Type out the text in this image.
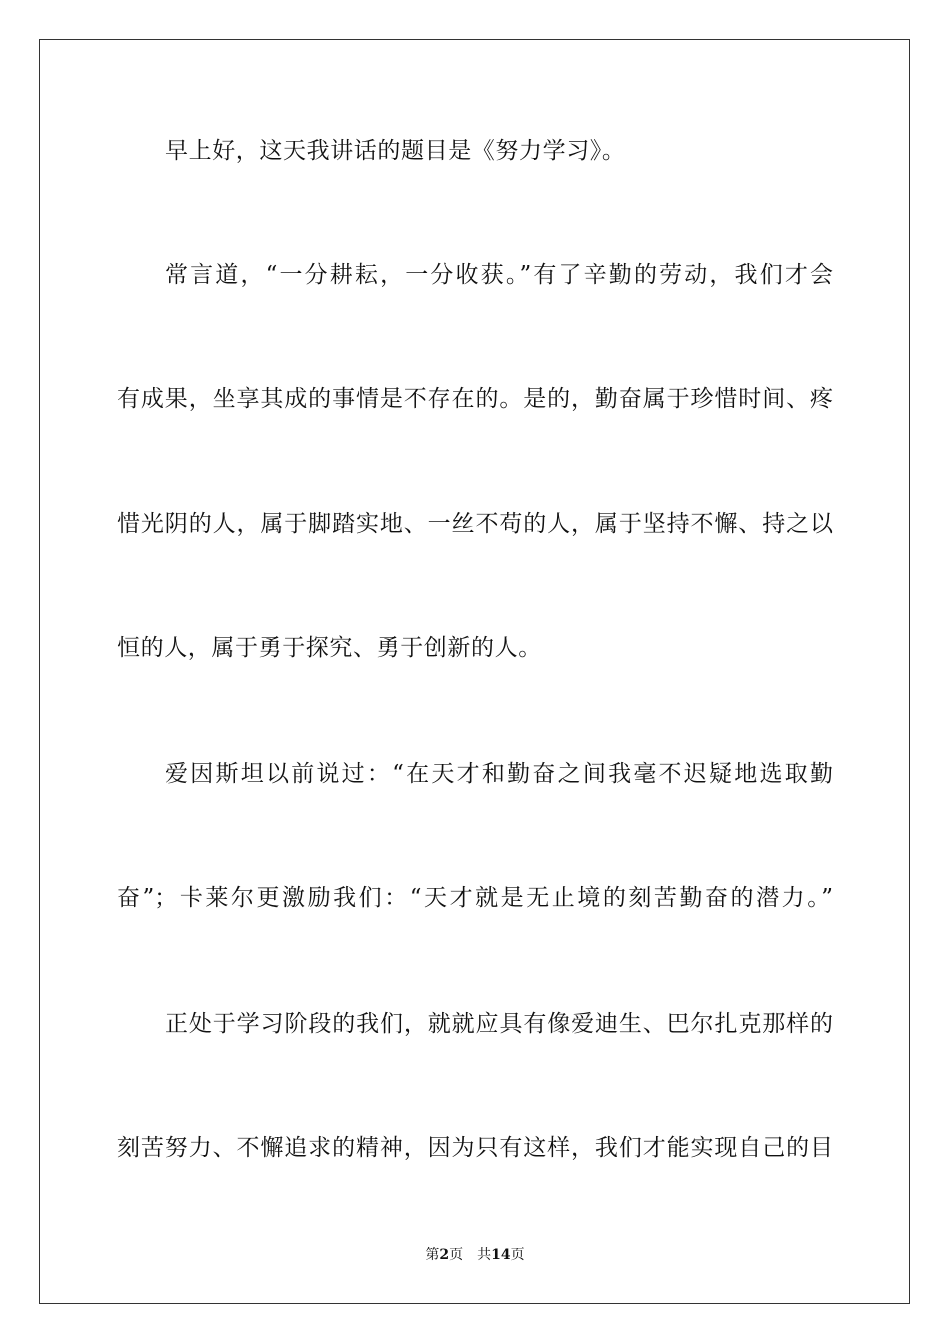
早上好，这天我讲话的题目是《努力学习》。
常言道，“一分耕耘，一分收获。”有了辛勤的劳动，我们才会
有成果，坐享其成的事情是不存在的。是的，勤奋属于珍惜时间、疼
惜光阴的人，属于脚踏实地、一丝不苟的人，属于坚持不懈、持之以
恒的人，属于勇于探究、勇于创新的人。
爱因斯坦以前说过：“在天才和勤奋之间我毫不迟疑地选取勤
奋”；卡莱尔更激励我们：“天才就是无止境的刻苦勤奋的潜力。”
正处于学习阶段的我们，就就应具有像爱迪生、巴尔扎克那样的
刻苦努力、不懈追求的精神，因为只有这样，我们才能实现自己的目
第2页 共14页
